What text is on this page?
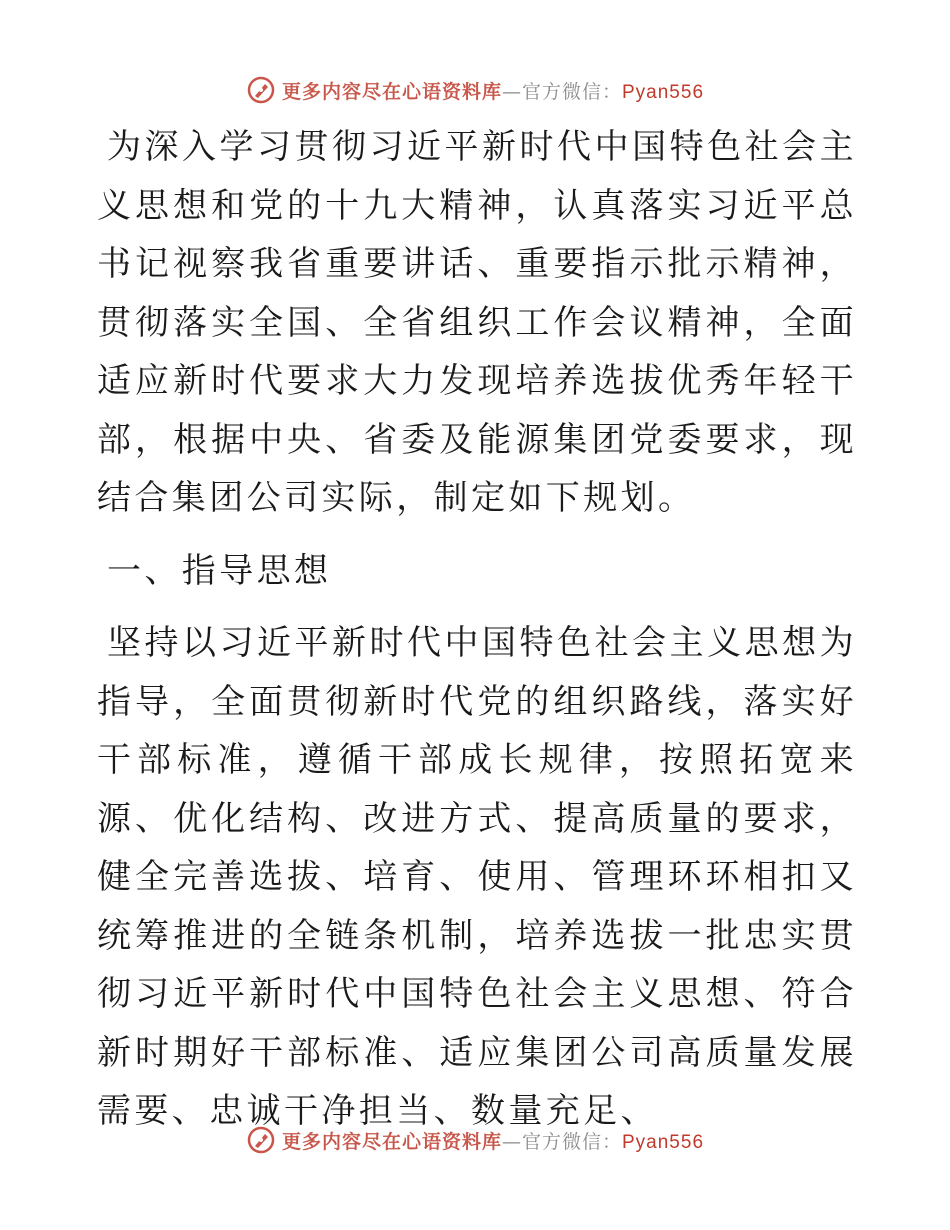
更多内容尽在心语资料库—官方微信：Pyan556

为深入学习贯彻习近平新时代中国特色社会主义思想和党的十九大精神，认真落实习近平总书记视察我省重要讲话、重要指示批示精神，贯彻落实全国、全省组织工作会议精神，全面适应新时代要求大力发现培养选拔优秀年轻干部，根据中央、省委及能源集团党委要求，现结合集团公司实际，制定如下规划。

一、指导思想

坚持以习近平新时代中国特色社会主义思想为指导，全面贯彻新时代党的组织路线，落实好干部标准，遵循干部成长规律，按照拓宽来源、优化结构、改进方式、提高质量的要求，健全完善选拔、培育、使用、管理环环相扣又统筹推进的全链条机制，培养选拔一批忠实贯彻习近平新时代中国特色社会主义思想、符合新时期好干部标准、适应集团公司高质量发展需要、忠诚干净担当、数量充足、

更多内容尽在心语资料库—官方微信：Pyan556
